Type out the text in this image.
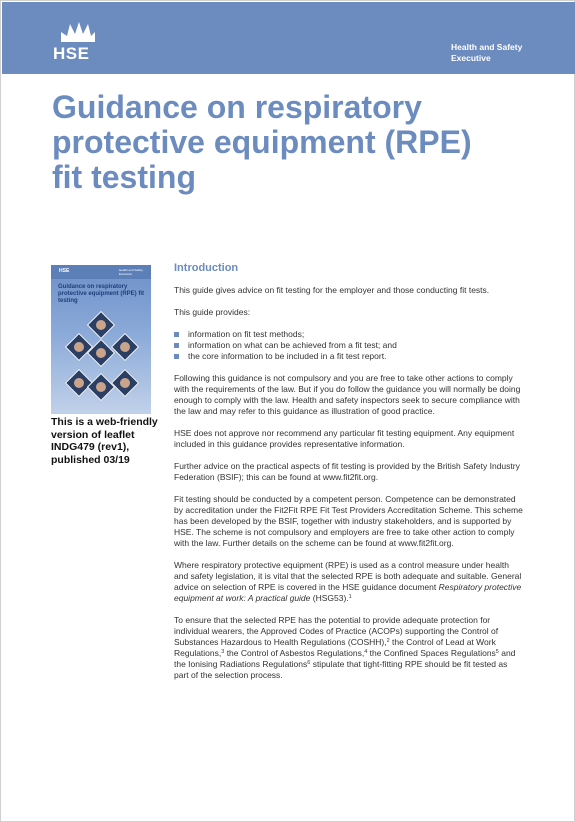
HSE	Health and Safety
Executive
Guidance on respiratory
protective equipment (RPE)
fit testing
HSE	Health and Safety Executive
Guidance on respiratory protective equipment (RPE) fit testing
This is a web-friendly
version of leaflet
INDG479 (rev1),
published 03/19
Introduction

This guide gives advice on fit testing for the employer and those conducting fit tests.

This guide provides:

information on fit test methods;
information on what can be achieved from a fit test; and
the core information to be included in a fit test report.

Following this guidance is not compulsory and you are free to take other actions to comply with the requirements of the law. But if you do follow the guidance you will normally be doing enough to comply with the law. Health and safety inspectors seek to secure compliance with the law and may refer to this guidance as illustration of good practice.

HSE does not approve nor recommend any particular fit testing equipment. Any equipment included in this guidance provides representative information.

Further advice on the practical aspects of fit testing is provided by the British Safety Industry Federation (BSIF); this can be found at www.fit2fit.org.

Fit testing should be conducted by a competent person. Competence can be demonstrated by accreditation under the Fit2Fit RPE Fit Test Providers Accreditation Scheme. This scheme has been developed by the BSIF, together with industry stakeholders, and is supported by HSE. The scheme is not compulsory and employers are free to take other action to comply with the law. Further details on the scheme can be found at www.fit2fit.org.

Where respiratory protective equipment (RPE) is used as a control measure under health and safety legislation, it is vital that the selected RPE is both adequate and suitable. General advice on selection of RPE is covered in the HSE guidance document Respiratory protective equipment at work: A practical guide (HSG53).$^1$

To ensure that the selected RPE has the potential to provide adequate protection for individual wearers, the Approved Codes of Practice (ACOPs) supporting the Control of Substances Hazardous to Health Regulations (COSHH),$^2$ the Control of Lead at Work Regulations,$^3$ the Control of Asbestos Regulations,$^4$ the Confined Spaces Regulations$^5$ and the Ionising Radiations Regulations$^6$ stipulate that tight-fitting RPE should be fit tested as part of the selection process.
